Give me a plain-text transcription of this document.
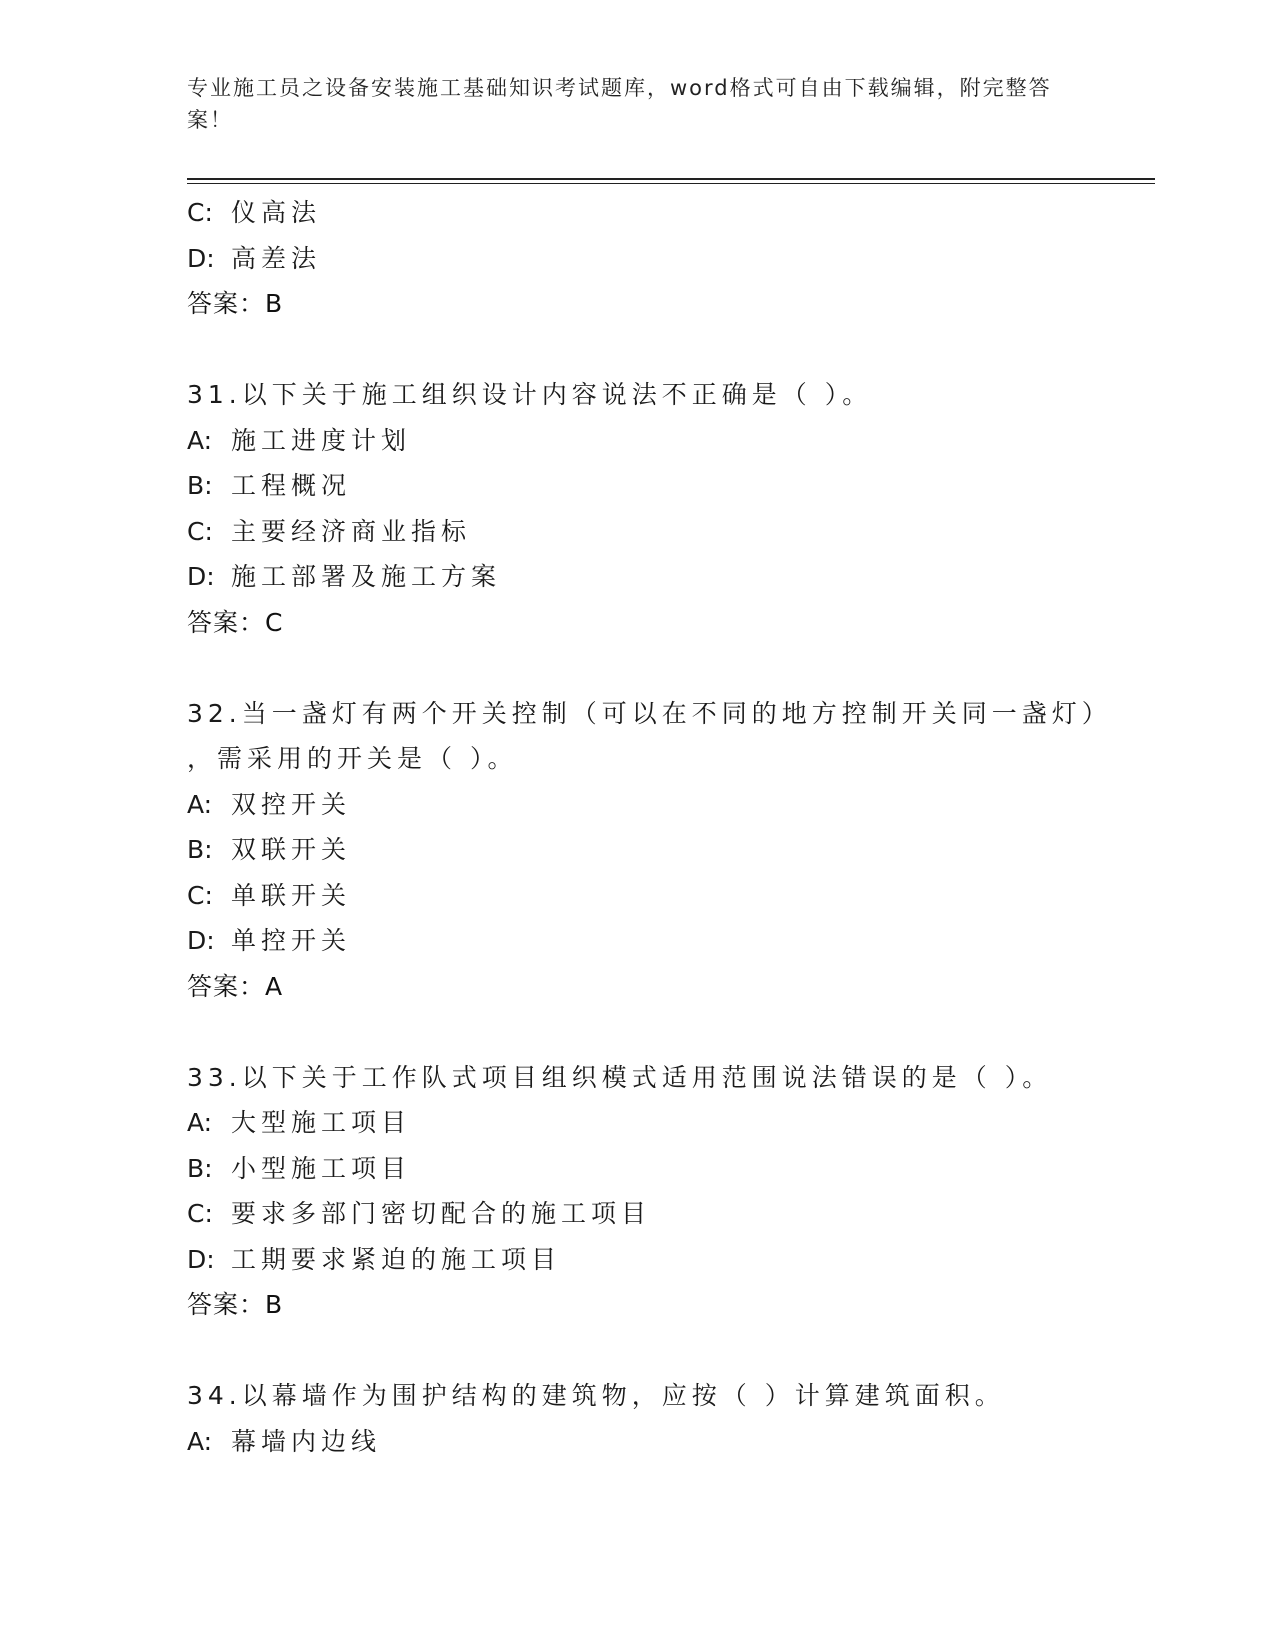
专业施工员之设备安装施工基础知识考试题库，word格式可自由下载编辑，附完整答案！
C: 仪高法
D: 高差法
答案：B
31.以下关于施工组织设计内容说法不正确是（ ）。
A: 施工进度计划
B: 工程概况
C: 主要经济商业指标
D: 施工部署及施工方案
答案：C
32.当一盏灯有两个开关控制（可以在不同的地方控制开关同一盏灯）
，需采用的开关是（ ）。
A: 双控开关
B: 双联开关
C: 单联开关
D: 单控开关
答案：A
33.以下关于工作队式项目组织模式适用范围说法错误的是（ ）。
A: 大型施工项目
B: 小型施工项目
C: 要求多部门密切配合的施工项目
D: 工期要求紧迫的施工项目
答案：B
34.以幕墙作为围护结构的建筑物，应按（ ）计算建筑面积。
A: 幕墙内边线
